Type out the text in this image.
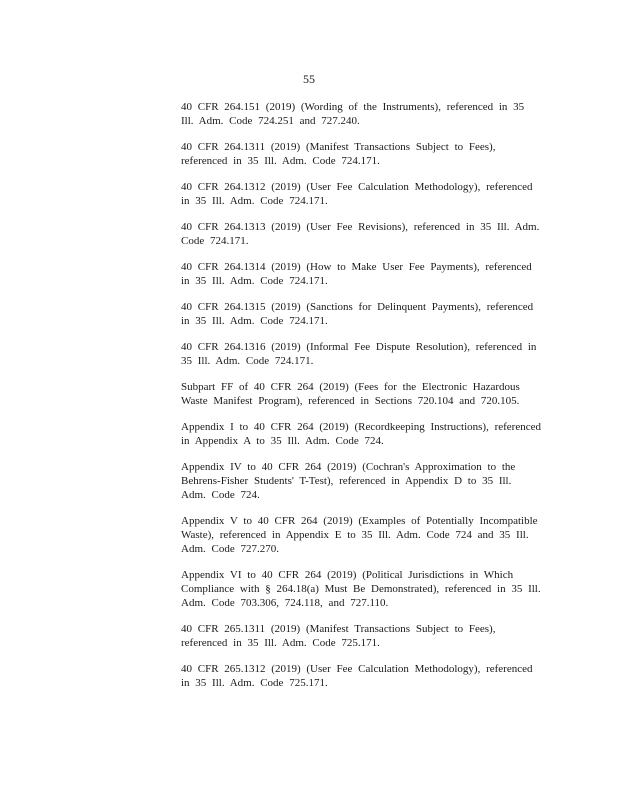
55

40 CFR 264.151 (2019) (Wording of the Instruments), referenced in 35 Ill. Adm. Code 724.251 and 727.240.

40 CFR 264.1311 (2019) (Manifest Transactions Subject to Fees), referenced in 35 Ill. Adm. Code 724.171.

40 CFR 264.1312 (2019) (User Fee Calculation Methodology), referenced in 35 Ill. Adm. Code 724.171.

40 CFR 264.1313 (2019) (User Fee Revisions), referenced in 35 Ill. Adm. Code 724.171.

40 CFR 264.1314 (2019) (How to Make User Fee Payments), referenced in 35 Ill. Adm. Code 724.171.

40 CFR 264.1315 (2019) (Sanctions for Delinquent Payments), referenced in 35 Ill. Adm. Code 724.171.

40 CFR 264.1316 (2019) (Informal Fee Dispute Resolution), referenced in 35 Ill. Adm. Code 724.171.

Subpart FF of 40 CFR 264 (2019) (Fees for the Electronic Hazardous Waste Manifest Program), referenced in Sections 720.104 and 720.105.

Appendix I to 40 CFR 264 (2019) (Recordkeeping Instructions), referenced in Appendix A to 35 Ill. Adm. Code 724.

Appendix IV to 40 CFR 264 (2019) (Cochran's Approximation to the Behrens-Fisher Students' T-Test), referenced in Appendix D to 35 Ill. Adm. Code 724.

Appendix V to 40 CFR 264 (2019) (Examples of Potentially Incompatible Waste), referenced in Appendix E to 35 Ill. Adm. Code 724 and 35 Ill. Adm. Code 727.270.

Appendix VI to 40 CFR 264 (2019) (Political Jurisdictions in Which Compliance with § 264.18(a) Must Be Demonstrated), referenced in 35 Ill. Adm. Code 703.306, 724.118, and 727.110.

40 CFR 265.1311 (2019) (Manifest Transactions Subject to Fees), referenced in 35 Ill. Adm. Code 725.171.

40 CFR 265.1312 (2019) (User Fee Calculation Methodology), referenced in 35 Ill. Adm. Code 725.171.
